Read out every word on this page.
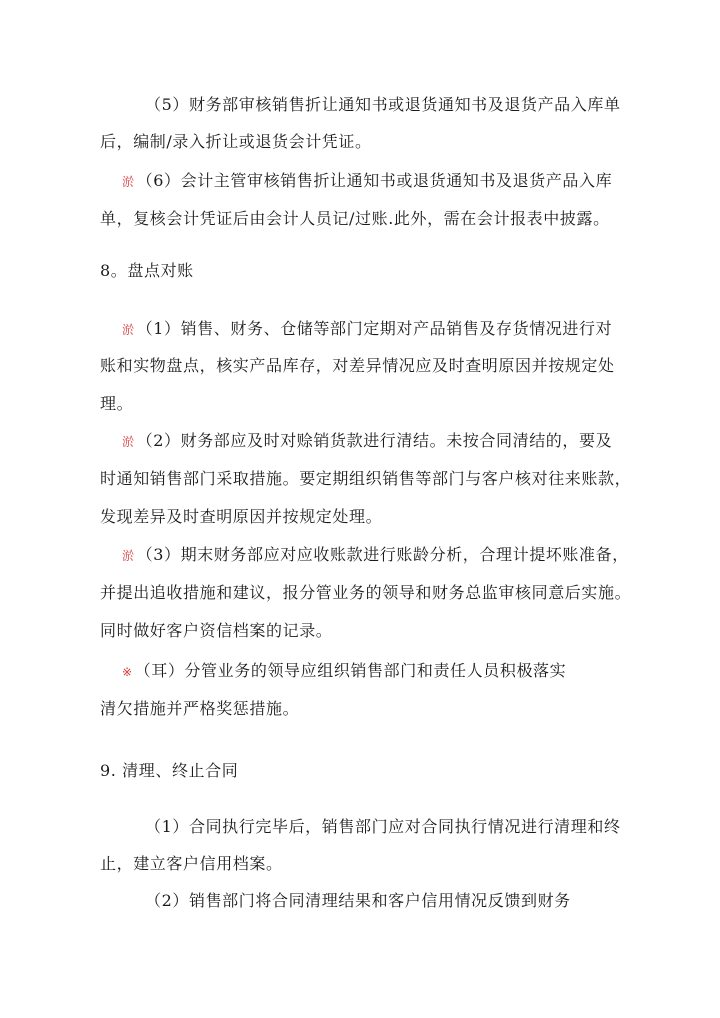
（5）财务部审核销售折让通知书或退货通知书及退货产品入库单
后，编制/录入折让或退货会计凭证。
淤 （6）会计主管审核销售折让通知书或退货通知书及退货产品入库
单，复核会计凭证后由会计人员记/过账.此外，需在会计报表中披露。
8。盘点对账
淤 （1）销售、财务、仓储等部门定期对产品销售及存货情况进行对
账和实物盘点，核实产品库存，对差异情况应及时查明原因并按规定处
理。
淤 （2）财务部应及时对赊销货款进行清结。未按合同清结的，要及
时通知销售部门采取措施。要定期组织销售等部门与客户核对往来账款，
发现差异及时查明原因并按规定处理。
淤 （3）期末财务部应对应收账款进行账龄分析，合理计提坏账准备，
并提出追收措施和建议，报分管业务的领导和财务总监审核同意后实施。
同时做好客户资信档案的记录。
※ （耳）分管业务的领导应组织销售部门和责任人员积极落实
清欠措施并严格奖惩措施。
9. 清理、终止合同
（1）合同执行完毕后，销售部门应对合同执行情况进行清理和终
止，建立客户信用档案。
（2）销售部门将合同清理结果和客户信用情况反馈到财务
